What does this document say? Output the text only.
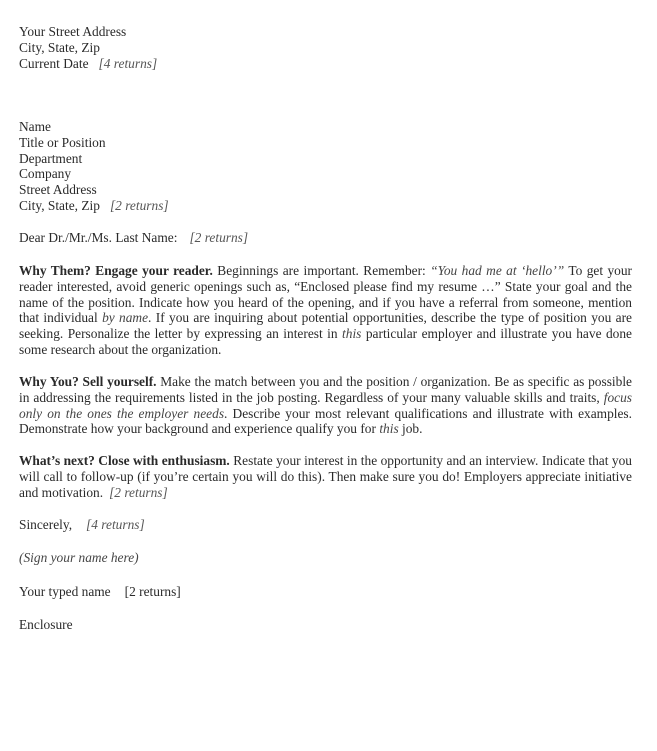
Your Street Address
City, State, Zip
Current Date [4 returns]
Name
Title or Position
Department
Company
Street Address
City, State, Zip [2 returns]
Dear Dr./Mr./Ms. Last Name: [2 returns]
Why Them? Engage your reader. Beginnings are important. Remember: “You had me at ‘hello’” To get your reader interested, avoid generic openings such as, “Enclosed please find my resume …” State your goal and the name of the position. Indicate how you heard of the opening, and if you have a referral from someone, mention that individual by name. If you are inquiring about potential opportunities, describe the type of position you are seeking. Personalize the letter by expressing an interest in this particular employer and illustrate you have done some research about the organization.
Why You? Sell yourself. Make the match between you and the position / organization. Be as specific as possible in addressing the requirements listed in the job posting. Regardless of your many valuable skills and traits, focus only on the ones the employer needs. Describe your most relevant qualifications and illustrate with examples. Demonstrate how your background and experience qualify you for this job.
What’s next? Close with enthusiasm. Restate your interest in the opportunity and an interview. Indicate that you will call to follow-up (if you’re certain you will do this). Then make sure you do! Employers appreciate initiative and motivation. [2 returns]
Sincerely, [4 returns]
(Sign your name here)
Your typed name [2 returns]
Enclosure
